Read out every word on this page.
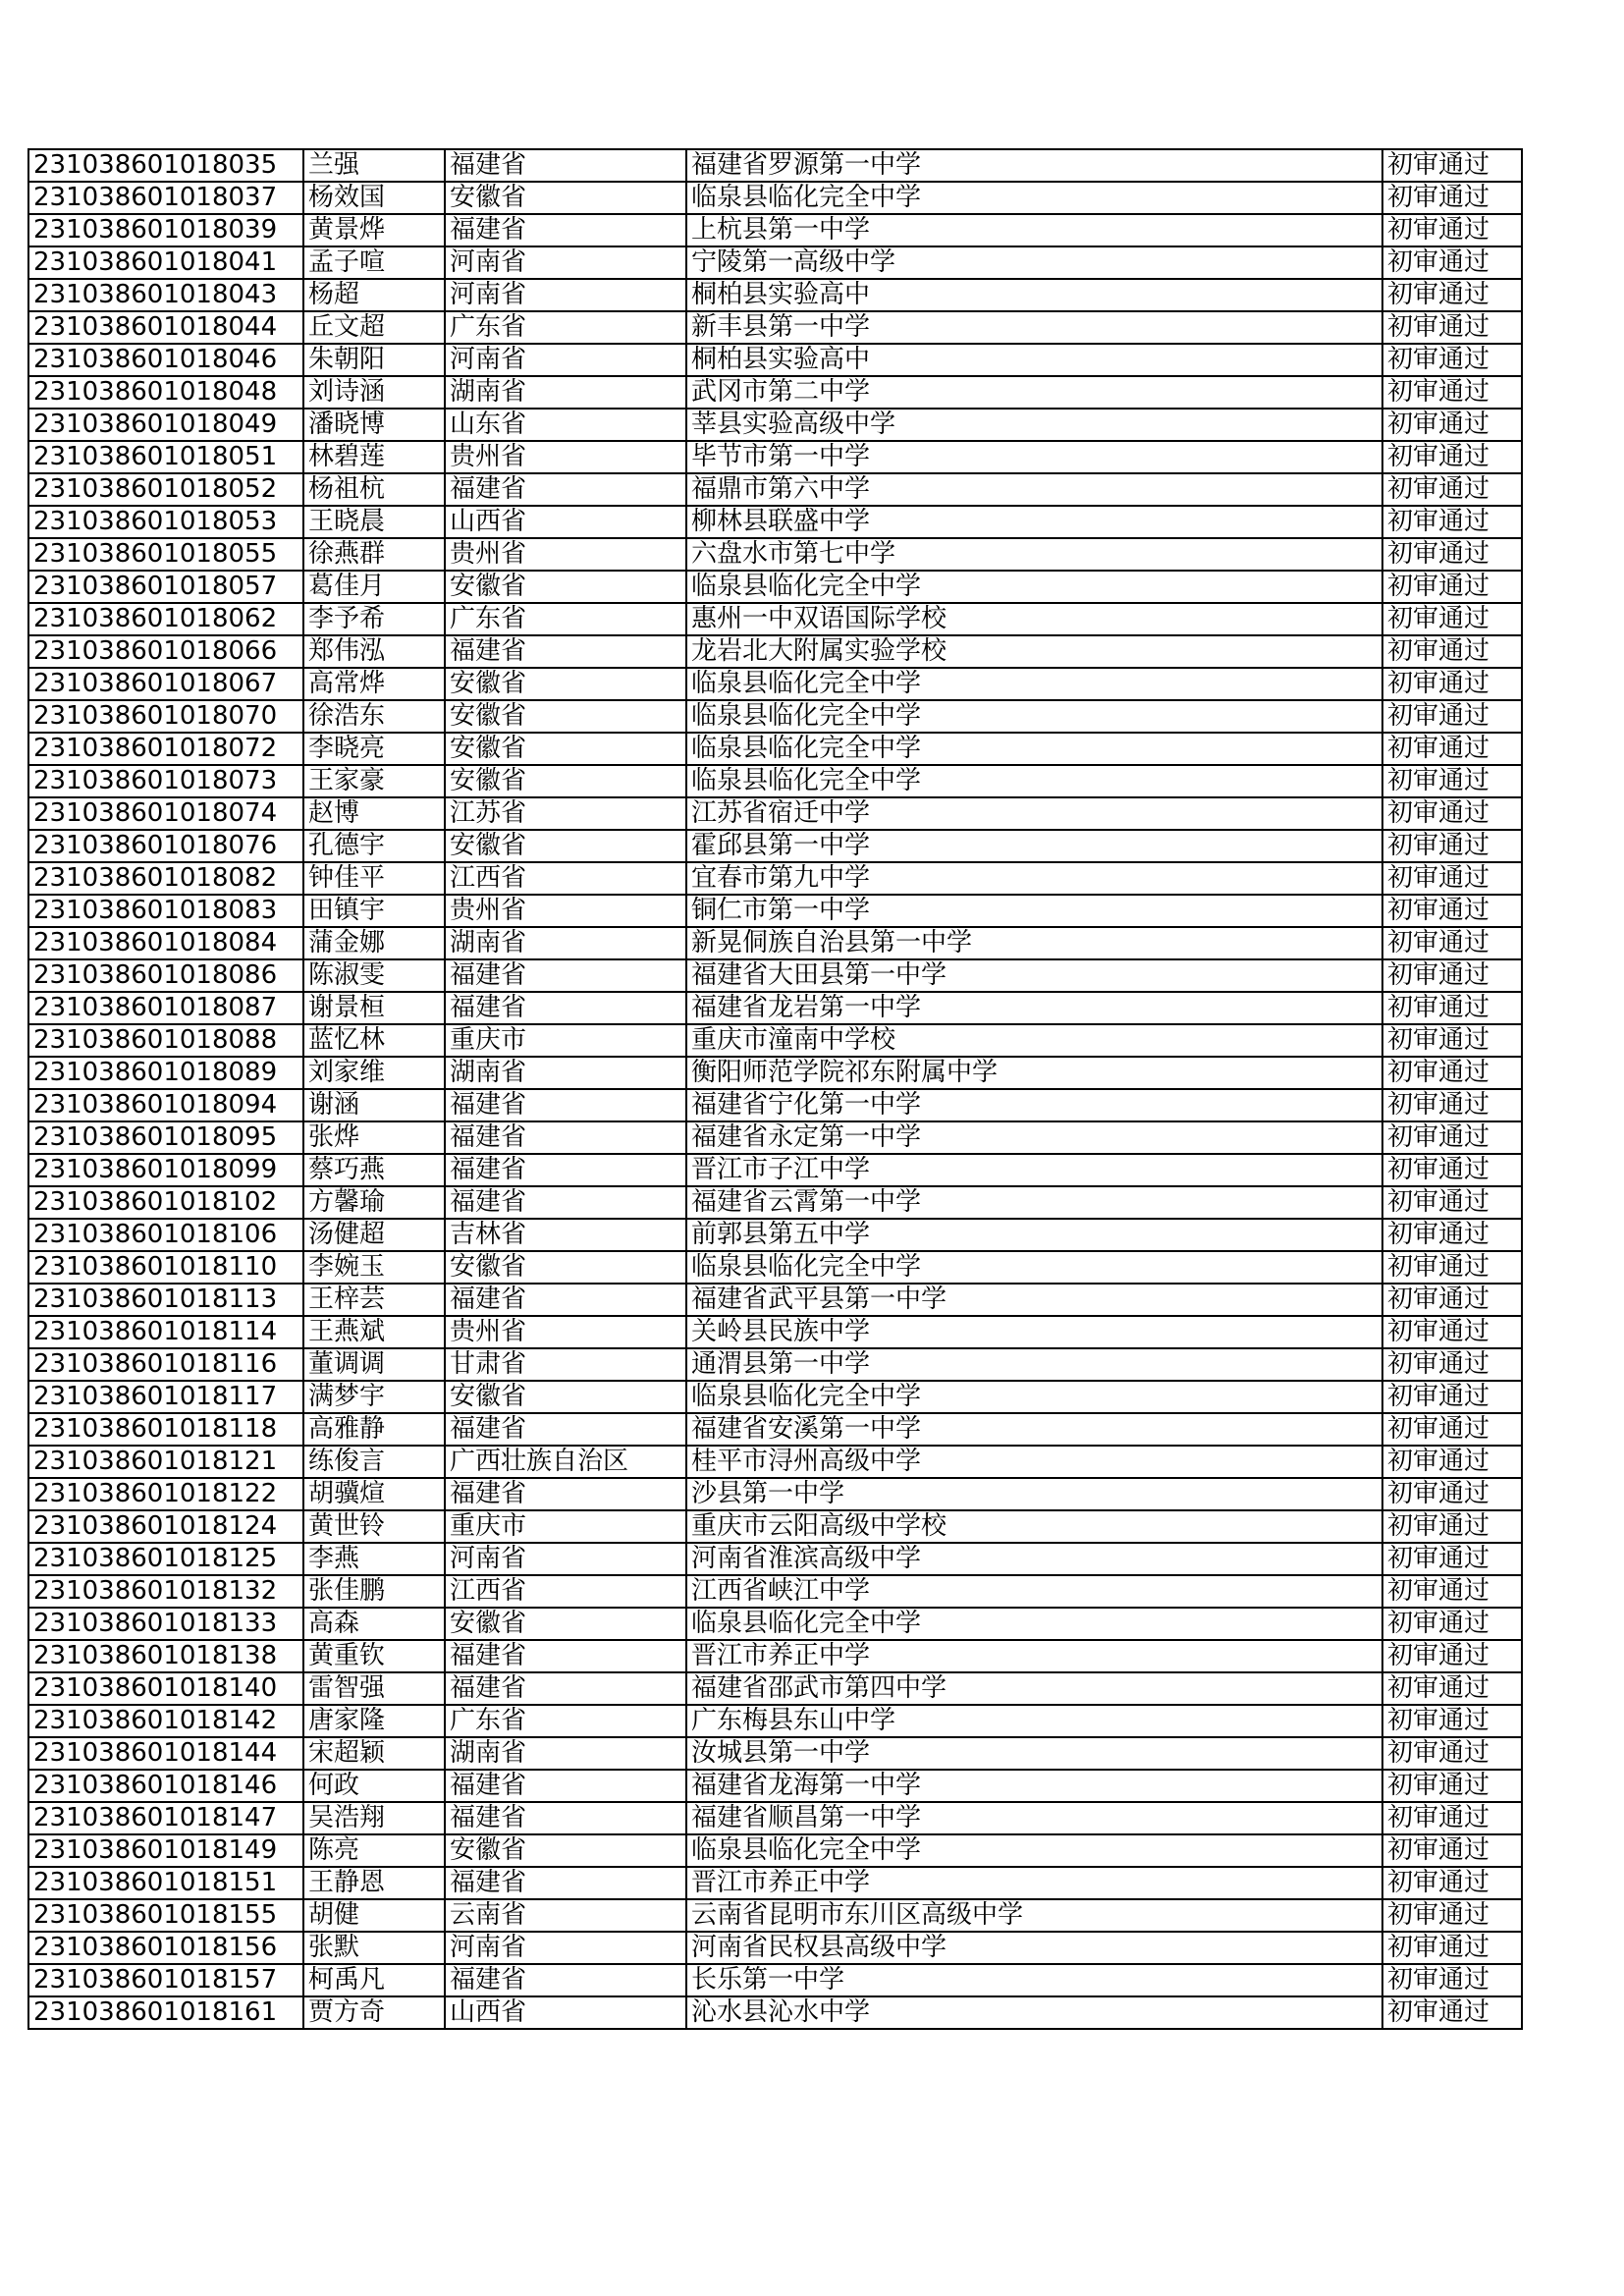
231038601018035	兰强	福建省	福建省罗源第一中学	初审通过
231038601018037	杨效国	安徽省	临泉县临化完全中学	初审通过
231038601018039	黄景烨	福建省	上杭县第一中学	初审通过
231038601018041	孟子喧	河南省	宁陵第一高级中学	初审通过
231038601018043	杨超	河南省	桐柏县实验高中	初审通过
231038601018044	丘文超	广东省	新丰县第一中学	初审通过
231038601018046	朱朝阳	河南省	桐柏县实验高中	初审通过
231038601018048	刘诗涵	湖南省	武冈市第二中学	初审通过
231038601018049	潘晓博	山东省	莘县实验高级中学	初审通过
231038601018051	林碧莲	贵州省	毕节市第一中学	初审通过
231038601018052	杨祖杭	福建省	福鼎市第六中学	初审通过
231038601018053	王晓晨	山西省	柳林县联盛中学	初审通过
231038601018055	徐燕群	贵州省	六盘水市第七中学	初审通过
231038601018057	葛佳月	安徽省	临泉县临化完全中学	初审通过
231038601018062	李予希	广东省	惠州一中双语国际学校	初审通过
231038601018066	郑伟泓	福建省	龙岩北大附属实验学校	初审通过
231038601018067	高常烨	安徽省	临泉县临化完全中学	初审通过
231038601018070	徐浩东	安徽省	临泉县临化完全中学	初审通过
231038601018072	李晓亮	安徽省	临泉县临化完全中学	初审通过
231038601018073	王家豪	安徽省	临泉县临化完全中学	初审通过
231038601018074	赵博	江苏省	江苏省宿迁中学	初审通过
231038601018076	孔德宇	安徽省	霍邱县第一中学	初审通过
231038601018082	钟佳平	江西省	宜春市第九中学	初审通过
231038601018083	田镇宇	贵州省	铜仁市第一中学	初审通过
231038601018084	蒲金娜	湖南省	新晃侗族自治县第一中学	初审通过
231038601018086	陈淑雯	福建省	福建省大田县第一中学	初审通过
231038601018087	谢景桓	福建省	福建省龙岩第一中学	初审通过
231038601018088	蓝忆林	重庆市	重庆市潼南中学校	初审通过
231038601018089	刘家维	湖南省	衡阳师范学院祁东附属中学	初审通过
231038601018094	谢涵	福建省	福建省宁化第一中学	初审通过
231038601018095	张烨	福建省	福建省永定第一中学	初审通过
231038601018099	蔡巧燕	福建省	晋江市子江中学	初审通过
231038601018102	方馨瑜	福建省	福建省云霄第一中学	初审通过
231038601018106	汤健超	吉林省	前郭县第五中学	初审通过
231038601018110	李婉玉	安徽省	临泉县临化完全中学	初审通过
231038601018113	王梓芸	福建省	福建省武平县第一中学	初审通过
231038601018114	王燕斌	贵州省	关岭县民族中学	初审通过
231038601018116	董调调	甘肃省	通渭县第一中学	初审通过
231038601018117	满梦宇	安徽省	临泉县临化完全中学	初审通过
231038601018118	高雅静	福建省	福建省安溪第一中学	初审通过
231038601018121	练俊言	广西壮族自治区	桂平市浔州高级中学	初审通过
231038601018122	胡骥煊	福建省	沙县第一中学	初审通过
231038601018124	黄世铃	重庆市	重庆市云阳高级中学校	初审通过
231038601018125	李燕	河南省	河南省淮滨高级中学	初审通过
231038601018132	张佳鹏	江西省	江西省峡江中学	初审通过
231038601018133	高森	安徽省	临泉县临化完全中学	初审通过
231038601018138	黄重钦	福建省	晋江市养正中学	初审通过
231038601018140	雷智强	福建省	福建省邵武市第四中学	初审通过
231038601018142	唐家隆	广东省	广东梅县东山中学	初审通过
231038601018144	宋超颖	湖南省	汝城县第一中学	初审通过
231038601018146	何政	福建省	福建省龙海第一中学	初审通过
231038601018147	吴浩翔	福建省	福建省顺昌第一中学	初审通过
231038601018149	陈亮	安徽省	临泉县临化完全中学	初审通过
231038601018151	王静恩	福建省	晋江市养正中学	初审通过
231038601018155	胡健	云南省	云南省昆明市东川区高级中学	初审通过
231038601018156	张默	河南省	河南省民权县高级中学	初审通过
231038601018157	柯禹凡	福建省	长乐第一中学	初审通过
231038601018161	贾方奇	山西省	沁水县沁水中学	初审通过
